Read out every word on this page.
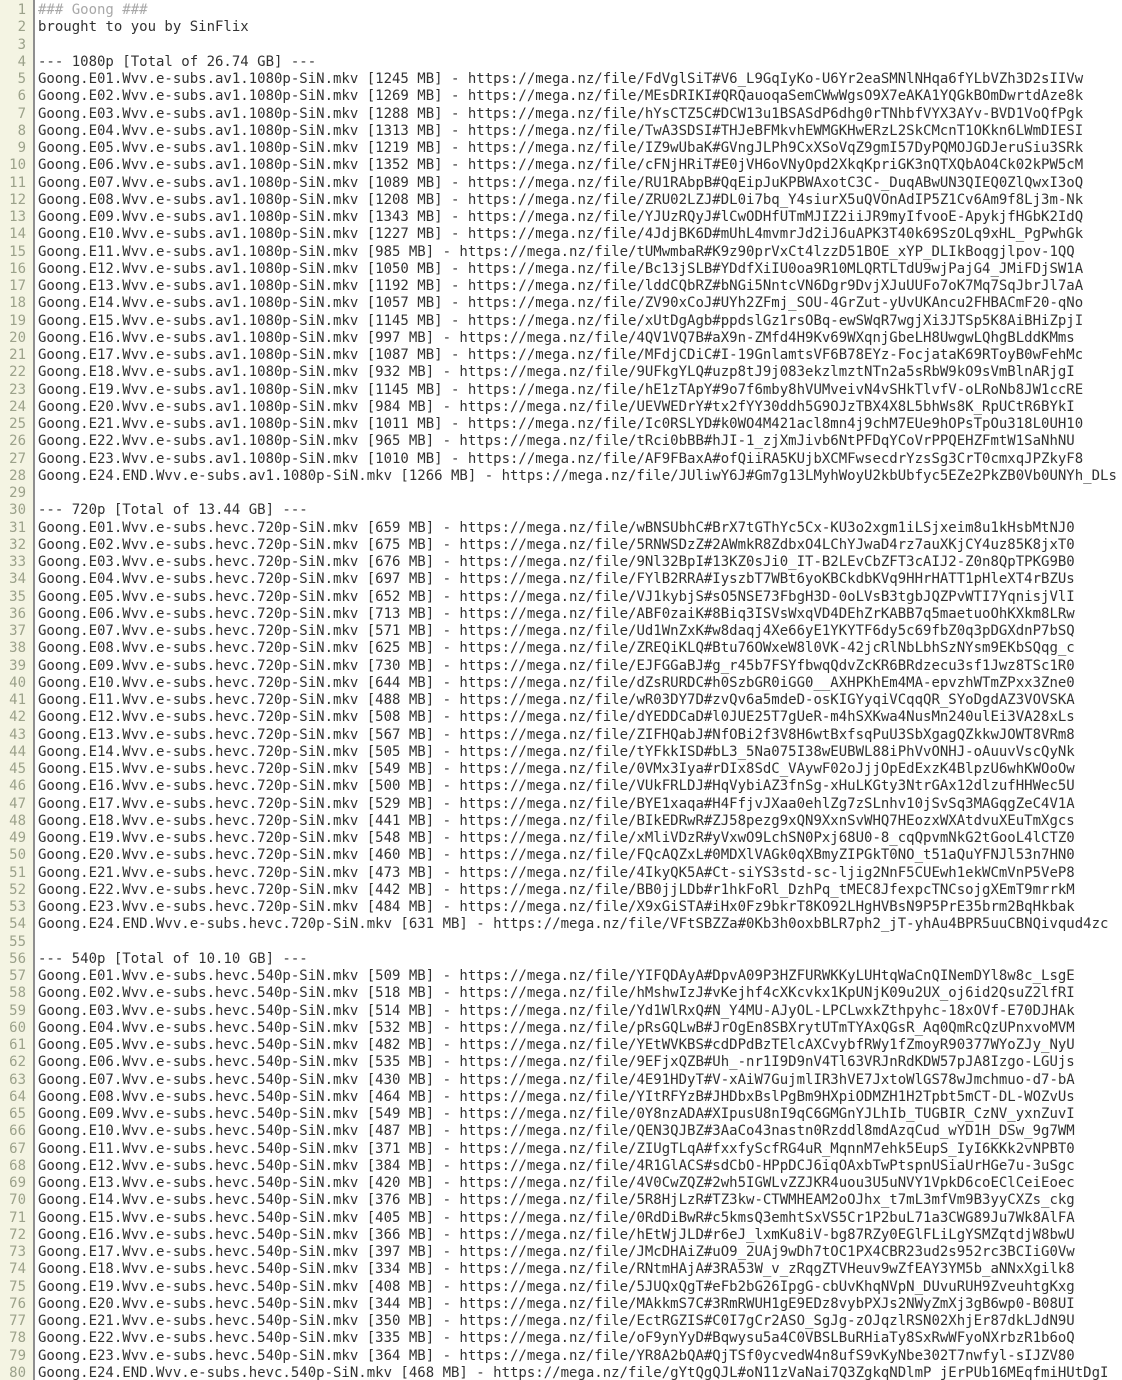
1 ### Goong ###
2 brought to you by SinFlix
3
4 --- 1080p [Total of 26.74 GB] ---
5 Goong.E01.Wvv.e-subs.av1.1080p-SiN.mkv [1245 MB] - https://mega.nz/file/FdVglSiT#V6_L9GqIyKo-U6Yr2eaSMNlNHqa6fYLbVZh3D2sIIVw
6 Goong.E02.Wvv.e-subs.av1.1080p-SiN.mkv [1269 MB] - https://mega.nz/file/MEsDRIKI#QRQauoqaSemCWwWgsO9X7eAKA1YQGkBOmDwrtdAze8k
7 Goong.E03.Wvv.e-subs.av1.1080p-SiN.mkv [1288 MB] - https://mega.nz/file/hYsCTZ5C#DCW13u1BSASdP6dhg0rTNhbfVYX3AYv-BVD1VoQfPgk
8 Goong.E04.Wvv.e-subs.av1.1080p-SiN.mkv [1313 MB] - https://mega.nz/file/TwA3SDSI#THJeBFMkvhEWMGKHwERzL2SkCMcnT1OKkn6LWmDIESI
9 Goong.E05.Wvv.e-subs.av1.1080p-SiN.mkv [1219 MB] - https://mega.nz/file/IZ9wUbaK#GVngJLPh9CxXSoVqZ9gmI57DyPQMOJGDJeruSiu3SRk
10 Goong.E06.Wvv.e-subs.av1.1080p-SiN.mkv [1352 MB] - https://mega.nz/file/cFNjHRiT#E0jVH6oVNyOpd2XkqKpriGK3nQTXQbAO4Ck02kPW5cM
11 Goong.E07.Wvv.e-subs.av1.1080p-SiN.mkv [1089 MB] - https://mega.nz/file/RU1RAbpB#QqEipJuKPBWAxotC3C-_DuqABwUN3QIEQ0ZlQwxI3oQ
12 Goong.E08.Wvv.e-subs.av1.1080p-SiN.mkv [1208 MB] - https://mega.nz/file/ZRU02LZJ#DL0i7bq_Y4siurX5uQVOnAdIP5Z1Cv6Am9f8Lj3m-Nk
13 Goong.E09.Wvv.e-subs.av1.1080p-SiN.mkv [1343 MB] - https://mega.nz/file/YJUzRQyJ#lCwODHfUTmMJIZ2iiJR9myIfvooE-ApykjfHGbK2IdQ
14 Goong.E10.Wvv.e-subs.av1.1080p-SiN.mkv [1227 MB] - https://mega.nz/file/4JdjBK6D#mUhL4mvmrJd2iJ6uAPK3T40k69SzOLq9xHL_PgPwhGk
15 Goong.E11.Wvv.e-subs.av1.1080p-SiN.mkv [985 MB] - https://mega.nz/file/tUMwmbaR#K9z90prVxCt4lzzD51BOE_xYP_DLIkBoqgjlpov-1QQ
16 Goong.E12.Wvv.e-subs.av1.1080p-SiN.mkv [1050 MB] - https://mega.nz/file/Bc13jSLB#YDdfXiIU0oa9R10MLQRTLTdU9wjPajG4_JMiFDjSW1A
17 Goong.E13.Wvv.e-subs.av1.1080p-SiN.mkv [1192 MB] - https://mega.nz/file/lddCQbRZ#bNGi5NntcVN6Dgr9DvjXJuUUFo7oK7Mq7SqJbrJl7aA
18 Goong.E14.Wvv.e-subs.av1.1080p-SiN.mkv [1057 MB] - https://mega.nz/file/ZV90xCoJ#UYh2ZFmj_SOU-4GrZut-yUvUKAncu2FHBACmF20-qNo
19 Goong.E15.Wvv.e-subs.av1.1080p-SiN.mkv [1145 MB] - https://mega.nz/file/xUtDgAgb#ppdslGz1rsOBq-ewSWqR7wgjXi3JTSp5K8AiBHiZpjI
20 Goong.E16.Wvv.e-subs.av1.1080p-SiN.mkv [997 MB] - https://mega.nz/file/4QV1VQ7B#aX9n-ZMfd4H9Kv69WXqnjGbeLH8UwgwLQhgBLddKMms
21 Goong.E17.Wvv.e-subs.av1.1080p-SiN.mkv [1087 MB] - https://mega.nz/file/MFdjCDiC#I-19GnlamtsVF6B78EYz-FocjataK69RToyB0wFehMc
22 Goong.E18.Wvv.e-subs.av1.1080p-SiN.mkv [932 MB] - https://mega.nz/file/9UFkgYLQ#uzp8tJ9j083ekzlmztNTn2a5sRbW9kO9sVmBlnARjgI
23 Goong.E19.Wvv.e-subs.av1.1080p-SiN.mkv [1145 MB] - https://mega.nz/file/hE1zTApY#9o7f6mby8hVUMveivN4vSHkTlvfV-oLRoNb8JW1ccRE
24 Goong.E20.Wvv.e-subs.av1.1080p-SiN.mkv [984 MB] - https://mega.nz/file/UEVWEDrY#tx2fYY30ddh5G9OJzTBX4X8L5bhWs8K_RpUCtR6BYkI
25 Goong.E21.Wvv.e-subs.av1.1080p-SiN.mkv [1011 MB] - https://mega.nz/file/Ic0RSLYD#k0WO4M421acl8mn4j9chM7EUe9hOPsTpOu318L0UH10
26 Goong.E22.Wvv.e-subs.av1.1080p-SiN.mkv [965 MB] - https://mega.nz/file/tRci0bBB#hJI-1_zjXmJivb6NtPFDqYCoVrPPQEHZFmtW1SaNhNU
27 Goong.E23.Wvv.e-subs.av1.1080p-SiN.mkv [1010 MB] - https://mega.nz/file/AF9FBaxA#ofQiiRA5KUjbXCMFwsecdrYzsSg3CrT0cmxqJPZkyF8
28 Goong.E24.END.Wvv.e-subs.av1.1080p-SiN.mkv [1266 MB] - https://mega.nz/file/JUliwY6J#Gm7g13LMyhWoyU2kbUbfyc5EZe2PkZB0Vb0UNYh_DLs
29
30 --- 720p [Total of 13.44 GB] ---
31 Goong.E01.Wvv.e-subs.hevc.720p-SiN.mkv [659 MB] - https://mega.nz/file/wBNSUbhC#BrX7tGThYc5Cx-KU3o2xgm1iLSjxeim8u1kHsbMtNJ0
32 Goong.E02.Wvv.e-subs.hevc.720p-SiN.mkv [675 MB] - https://mega.nz/file/5RNWSDzZ#2AWmkR8ZdbxO4LChYJwaD4rz7auXKjCY4uz85K8jxT0
33 Goong.E03.Wvv.e-subs.hevc.720p-SiN.mkv [676 MB] - https://mega.nz/file/9Nl32BpI#13KZ0sJi0_IT-B2LEvCbZFT3cAIJ2-Z0n8QpTPKG9B0
34 Goong.E04.Wvv.e-subs.hevc.720p-SiN.mkv [697 MB] - https://mega.nz/file/FYlB2RRA#IyszbT7WBt6yoKBCkdbKVq9HHrHATT1pHleXT4rBZUs
35 Goong.E05.Wvv.e-subs.hevc.720p-SiN.mkv [652 MB] - https://mega.nz/file/VJ1kybjS#sO5NSE73FbgH3D-0oLVsB3tgbJQZPvWTI7YqnisjVlI
36 Goong.E06.Wvv.e-subs.hevc.720p-SiN.mkv [713 MB] - https://mega.nz/file/ABF0zaiK#8Biq3ISVsWxqVD4DEhZrKABB7q5maetuoOhKXkm8LRw
37 Goong.E07.Wvv.e-subs.hevc.720p-SiN.mkv [571 MB] - https://mega.nz/file/Ud1WnZxK#w8daqj4Xe66yE1YKYTF6dy5c69fbZ0q3pDGXdnP7bSQ
38 Goong.E08.Wvv.e-subs.hevc.720p-SiN.mkv [625 MB] - https://mega.nz/file/ZREQiKLQ#Btu76OWxeW8l0VK-42jcRlNbLbhSzNYsm9EKbSQqg_c
39 Goong.E09.Wvv.e-subs.hevc.720p-SiN.mkv [730 MB] - https://mega.nz/file/EJFGGaBJ#g_r45b7FSYfbwqQdvZcKR6BRdzecu3sf1Jwz8TSc1R0
40 Goong.E10.Wvv.e-subs.hevc.720p-SiN.mkv [644 MB] - https://mega.nz/file/dZsRURDC#h0SzbGR0iGG0__AXHPKhEm4MA-epvzhWTmZPxx3Zne0
41 Goong.E11.Wvv.e-subs.hevc.720p-SiN.mkv [488 MB] - https://mega.nz/file/wR03DY7D#zvQv6a5mdeD-osKIGYyqiVCqqQR_SYoDgdAZ3VOVSKA
42 Goong.E12.Wvv.e-subs.hevc.720p-SiN.mkv [508 MB] - https://mega.nz/file/dYEDDCaD#l0JUE25T7gUeR-m4hSXKwa4NusMn240ulEi3VA28xLs
43 Goong.E13.Wvv.e-subs.hevc.720p-SiN.mkv [567 MB] - https://mega.nz/file/ZIFHQabJ#NfOBi2f3V8H6wtBxfsqPuU3SbXgagQZkkwJOWT8VRm8
44 Goong.E14.Wvv.e-subs.hevc.720p-SiN.mkv [505 MB] - https://mega.nz/file/tYFkkISD#bL3_5Na075I38wEUBWL88iPhVvONHJ-oAuuvVscQyNk
45 Goong.E15.Wvv.e-subs.hevc.720p-SiN.mkv [549 MB] - https://mega.nz/file/0VMx3Iya#rDIx8SdC_VAywF02oJjjOpEdExzK4BlpzU6whKWOoOw
46 Goong.E16.Wvv.e-subs.hevc.720p-SiN.mkv [500 MB] - https://mega.nz/file/VUkFRLDJ#HqVybiAZ3fnSg-xHuLKGty3NtrGAx12dlzufHHWec5U
47 Goong.E17.Wvv.e-subs.hevc.720p-SiN.mkv [529 MB] - https://mega.nz/file/BYE1xaqa#H4FfjvJXaa0ehlZg7zSLnhv10jSvSq3MAGqgZeC4V1A
48 Goong.E18.Wvv.e-subs.hevc.720p-SiN.mkv [441 MB] - https://mega.nz/file/BIkEDRwR#ZJ58pezg9xQN9XxnSvWHQ7HEozxWXAtdvuXEuTmXgcs
49 Goong.E19.Wvv.e-subs.hevc.720p-SiN.mkv [548 MB] - https://mega.nz/file/xMliVDzR#yVxwO9LchSN0Pxj68U0-8_cqQpvmNkG2tGooL4lCTZ0
50 Goong.E20.Wvv.e-subs.hevc.720p-SiN.mkv [460 MB] - https://mega.nz/file/FQcAQZxL#0MDXlVAGk0qXBmyZIPGkT0NO_t51aQuYFNJl53n7HN0
51 Goong.E21.Wvv.e-subs.hevc.720p-SiN.mkv [473 MB] - https://mega.nz/file/4IkyQK5A#Ct-siYS3std-sc-ljig2NnF5CUEwh1ekWCmVnP5VeP8
52 Goong.E22.Wvv.e-subs.hevc.720p-SiN.mkv [442 MB] - https://mega.nz/file/BB0jjLDb#r1hkFoRl_DzhPq_tMEC8JfexpcTNCsojgXEmT9mrrkM
53 Goong.E23.Wvv.e-subs.hevc.720p-SiN.mkv [484 MB] - https://mega.nz/file/X9xGiSTA#iHx0Fz9bkrT8KO92LHgHVBsN9P5PrE35brm2BqHkbak
54 Goong.E24.END.Wvv.e-subs.hevc.720p-SiN.mkv [631 MB] - https://mega.nz/file/VFtSBZZa#0Kb3h0oxbBLR7ph2_jT-yhAu4BPR5uuCBNQivqud4zc
55
56 --- 540p [Total of 10.10 GB] ---
57 Goong.E01.Wvv.e-subs.hevc.540p-SiN.mkv [509 MB] - https://mega.nz/file/YIFQDAyA#DpvA09P3HZFURWKKyLUHtqWaCnQINemDYl8w8c_LsgE
58 Goong.E02.Wvv.e-subs.hevc.540p-SiN.mkv [518 MB] - https://mega.nz/file/hMshwIzJ#vKejhf4cXKcvkx1KpUNjK09u2UX_oj6id2QsuZ2lfRI
59 Goong.E03.Wvv.e-subs.hevc.540p-SiN.mkv [514 MB] - https://mega.nz/file/Yd1WlRxQ#N_Y4MU-AJyOL-LPCLwxkZthpyhc-18xOVf-E70DJHAk
60 Goong.E04.Wvv.e-subs.hevc.540p-SiN.mkv [532 MB] - https://mega.nz/file/pRsGQLwB#JrOgEn8SBXrytUTmTYAxQGsR_Aq0QmRcQzUPnxvoMVM
61 Goong.E05.Wvv.e-subs.hevc.540p-SiN.mkv [482 MB] - https://mega.nz/file/YEtWVKBS#cdDPdBzTElcAXCvybfRWy1fZmoyR90377WYoZJy_NyU
62 Goong.E06.Wvv.e-subs.hevc.540p-SiN.mkv [535 MB] - https://mega.nz/file/9EFjxQZB#Uh_-nr1I9D9nV4Tl63VRJnRdKDW57pJA8Izgo-LGUjs
63 Goong.E07.Wvv.e-subs.hevc.540p-SiN.mkv [430 MB] - https://mega.nz/file/4E91HDyT#V-xAiW7GujmlIR3hVE7JxtoWlGS78wJmchmuo-d7-bA
64 Goong.E08.Wvv.e-subs.hevc.540p-SiN.mkv [464 MB] - https://mega.nz/file/YItRFYzB#JHDbxBslPgBm9HXpiODMZH1H2Tpbt5mCT-DL-WOZvUs
65 Goong.E09.Wvv.e-subs.hevc.540p-SiN.mkv [549 MB] - https://mega.nz/file/0Y8nzADA#XIpusU8nI9qC6GMGnYJLhIb_TUGBIR_CzNV_yxnZuvI
66 Goong.E10.Wvv.e-subs.hevc.540p-SiN.mkv [487 MB] - https://mega.nz/file/QEN3QJBZ#3AaCo43nastn0Rzddl8mdAzqCud_wYD1H_DSw_9g7WM
67 Goong.E11.Wvv.e-subs.hevc.540p-SiN.mkv [371 MB] - https://mega.nz/file/ZIUgTLqA#fxxfyScfRG4uR_MqnnM7ehk5EupS_IyI6KKk2vNPBT0
68 Goong.E12.Wvv.e-subs.hevc.540p-SiN.mkv [384 MB] - https://mega.nz/file/4R1GlACS#sdCbO-HPpDCJ6iqOAxbTwPtspnUSiaUrHGe7u-3uSgc
69 Goong.E13.Wvv.e-subs.hevc.540p-SiN.mkv [420 MB] - https://mega.nz/file/4V0CwZQZ#2wh5IGWLvZZJKR4uou3U5uNVY1VpkD6coEClCeiEoec
70 Goong.E14.Wvv.e-subs.hevc.540p-SiN.mkv [376 MB] - https://mega.nz/file/5R8HjLzR#TZ3kw-CTWMHEAM2oOJhx_t7mL3mfVm9B3yyCXZs_ckg
71 Goong.E15.Wvv.e-subs.hevc.540p-SiN.mkv [405 MB] - https://mega.nz/file/0RdDiBwR#c5kmsQ3emhtSxVS5Cr1P2buL71a3CWG89Ju7Wk8AlFA
72 Goong.E16.Wvv.e-subs.hevc.540p-SiN.mkv [366 MB] - https://mega.nz/file/hEtWjJLD#r6eJ_lxmKu8iV-bg87RZy0EGlFLiLgYSMZqtdjW8bwU
73 Goong.E17.Wvv.e-subs.hevc.540p-SiN.mkv [397 MB] - https://mega.nz/file/JMcDHAiZ#uO9_2UAj9wDh7tOC1PX4CBR23ud2s952rc3BCIiG0Vw
74 Goong.E18.Wvv.e-subs.hevc.540p-SiN.mkv [334 MB] - https://mega.nz/file/RNtmHAjA#3RA53W_v_zRqgZTVHeuv9wZfEAY3YM5b_aNNxXgilk8
75 Goong.E19.Wvv.e-subs.hevc.540p-SiN.mkv [408 MB] - https://mega.nz/file/5JUQxQgT#eFb2bG26IpgG-cbUvKhqNVpN_DUvuRUH9ZveuhtgKxg
76 Goong.E20.Wvv.e-subs.hevc.540p-SiN.mkv [344 MB] - https://mega.nz/file/MAkkmS7C#3RmRWUH1gE9EDz8vybPXJs2NWyZmXj3gB6wp0-B08UI
77 Goong.E21.Wvv.e-subs.hevc.540p-SiN.mkv [350 MB] - https://mega.nz/file/EctRGZIS#C0I7gCr2ASO_SgJg-zOJqzlRSN02XhjEr87dkLJdN9U
78 Goong.E22.Wvv.e-subs.hevc.540p-SiN.mkv [335 MB] - https://mega.nz/file/oF9ynYyD#Bqwysu5a4C0VBSLBuRHiaTy8SxRwWFyoNXrbzR1b6oQ
79 Goong.E23.Wvv.e-subs.hevc.540p-SiN.mkv [364 MB] - https://mega.nz/file/YR8A2bQA#QjTSf0ycvedW4n8ufS9vKyNbe302T7nwfyl-sIJZV80
80 Goong.E24.END.Wvv.e-subs.hevc.540p-SiN.mkv [468 MB] - https://mega.nz/file/gYtQgQJL#oN11zVaNai7Q3ZgkqNDlmP_jErPUb16MEqfmiHUtDgI
